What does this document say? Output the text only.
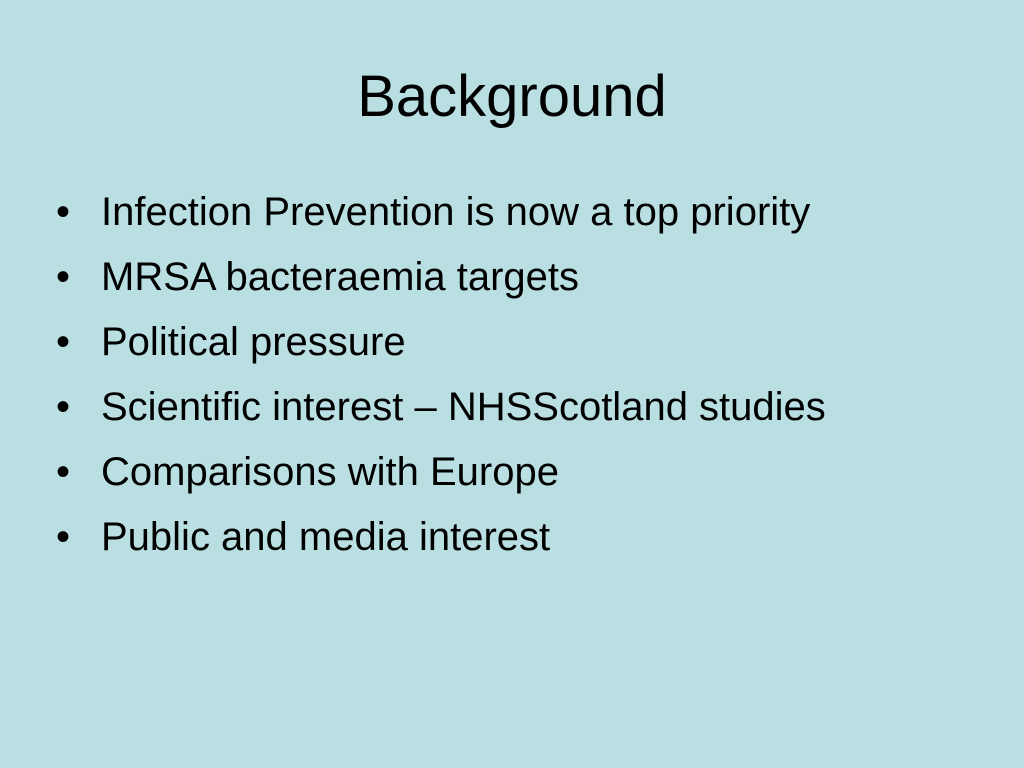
Background
• Infection Prevention is now a top priority
• MRSA bacteraemia targets
• Political pressure
• Scientific interest – NHSScotland studies
• Comparisons with Europe
• Public and media interest
